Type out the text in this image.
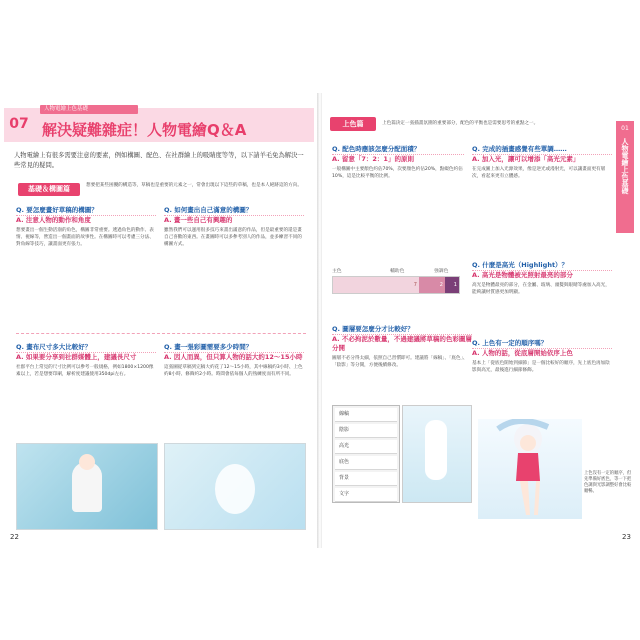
07
人物電繪上色基礎
解決疑難雜症！人物電繪Q＆A
人物電繪上有很多需要注意的要素，例如構圖、配色、在社群繪上的吸睛度等等，以下請羊毛免為解決一些常見的疑問。
基礎＆構圖篇	想要把某些困擾的構造等，草稿也是重要的元素之一，常會出現以下這些的草稿，也是本人絕跡這的方向。
Q. 要怎麼畫好草稿的構圖？
A. 注意人物的動作和角度
想要畫出一個生動活潑的角色，構圖非常重要。透過角色的動作、表情、視線等，營造出一個畫面的故事性。在構圖時可以考慮三分法、對角線等技巧，讓畫面更有張力。
Q. 如何畫出自己滿意的構圖？
A. 畫一些自己有興趣的
雖然我們可以運用很多技巧來畫出滿意的作品，但是最重要的還是畫自己喜歡的東西。在畫圖時可以多參考別人的作品，並多練習不同的構圖方式。
Q. 畫布尺寸多大比較好？
A. 如果要分享到社群媒體上，建議長尺寸
社群平台上常見的尺寸比例可以參考一般規格，例如1800×1200像素以上，若是想要印刷，解析度建議使用350dpi左右。
Q. 畫一張彩圖需要多少時間？
A. 因人而異，但只算人物的話大約12～15小時
這張圖從草稿到完稿大約花了12～15小時，其中線稿約3小時、上色約8小時、修飾約2小時。時間會依每個人的熟練度而有所不同。
22
上色篇	上色篇決定一張插畫氛圍的重要部分，配色的平衡也是需要思考的重點之一。
01
人物電繪上色基礎
Q. 配色時應該怎麼分配面積？
A. 留意「7：2：1」的原則
一般構圖中主要顏色約佔70%，次要顏色約佔20%，點綴色約佔10%，這是比較平衡的比例。
主色	輔助色	強調色
7	2	1
Q. 完成的插畫感覺有些單調……
A. 加入光，讓可以增添「高光元素」
在完成圖上加入光源效果，像是逆光或漫射光，可以讓畫面更有層次，看起來更有立體感。
Q. 什麼是高光（Highlight）？
A. 高光是物體被光照射最亮的部分
高光是物體最亮的部分，在金屬、玻璃、頭髮與眼睛等處加入高光，能夠讓材質感更加明顯。
Q. 圖層要怎麼分才比較好？
A. 不必拘泥於數量，不過建議將草稿的色彩圖層分開
圖層不必分得太細，依照自己習慣即可。建議將「線稿」、「底色」、「陰影」等分開，方便後續修改。
線稿
陰影
高光
底色
背景
文字
Q. 上色有一定的順序嗎？
A. 人物的話，從底層開始依序上色
基本上「從底色開始到細節」是一個比較好的順序，先上底色再加陰影與高光，最後進行細節修飾。
上色沒有一定的順序，但先準備好底色，等一下把色調與光影調整好會比較順暢。
23
